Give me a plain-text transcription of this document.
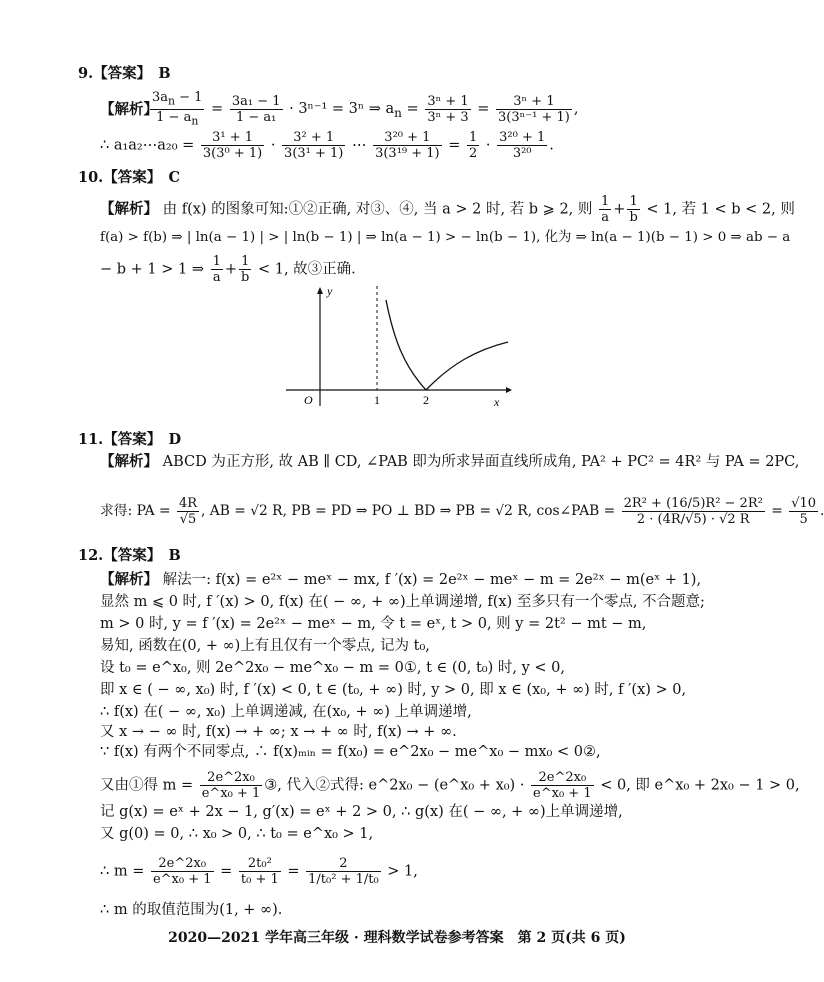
9.【答案】　B
【解析】
$\frac{3a_n - 1}{1 - a_n} = \frac{\text{3a₁ − 1}}{\text{1 − a₁}} \cdot 3^{n-1} = 3^n$ ⇒ $a_n = \frac{\text{3ⁿ + 1}}{\text{3ⁿ + 3}} = \frac{\text{3ⁿ + 1}}{\text{3(3ⁿ⁻¹ + 1)}}$ ,
∴ a₁a₂⋯a₂₀ = $\frac{\text{3¹ + 1}}{\text{3(3⁰ + 1)}} \cdot \frac{\text{3² + 1}}{\text{3(3¹ + 1)}}$ ⋯ $\frac{\text{3²⁰ + 1}}{\text{3(3¹⁹ + 1)}} = \frac{1}{2} \cdot \frac{\text{3²⁰ + 1}}{\text{3²⁰}}$ .
10.【答案】　C
【解析】 由 f(x) 的图象可知:①②正确, 对③、④, 当 a > 2 时, 若 b ⩾ 2, 则 $\frac{1}{a} + \frac{1}{b} < 1$, 若 1 < b < 2, 则
f(a) > f(b) ⇒ | ln(a − 1) | > | ln(b − 1) | ⇒ ln(a − 1) > − ln(b − 1), 化为 ⇒ ln(a − 1)(b − 1) > 0 ⇒ ab − a
− b + 1 > 1 ⇒ $\frac{1}{a} + \frac{1}{b} < 1$, 故③正确.
y
x
O	1	2
11.【答案】　D
【解析】 ABCD 为正方形, 故 AB ∥ CD, ∠PAB 即为所求异面直线所成角, PA² + PC² = 4R² 与 PA = 2PC,
求得: PA = $\frac{4R}{√5}$ , AB = √2 R, PB = PD ⇒ PO ⊥ BD ⇒ PB = √2 R, cos∠PAB = $\frac{\text{2R² + (16/5)R² − 2R²}}{2 \cdot (4R/√5) \cdot √2 R} = \frac{√10}{5}$ .
12.【答案】　B
【解析】 解法一: f(x) = e²ˣ − meˣ − mx, f ′(x) = 2e²ˣ − meˣ − m = 2e²ˣ − m(eˣ + 1),
显然 m ⩽ 0 时, f ′(x) > 0, f(x) 在( − ∞, + ∞)上单调递增, f(x) 至多只有一个零点, 不合题意;
m > 0 时, y = f ′(x) = 2e²ˣ − meˣ − m, 令 t = eˣ, t > 0, 则 y = 2t² − mt − m,
易知, 函数在(0, + ∞)上有且仅有一个零点, 记为 t₀,
设 t₀ = e^x₀, 则 2e^2x₀ − me^x₀ − m = 0①, t ∈ (0, t₀) 时, y < 0,
即 x ∈ ( − ∞, x₀) 时, f ′(x) < 0, t ∈ (t₀, + ∞) 时, y > 0, 即 x ∈ (x₀, + ∞) 时, f ′(x) > 0,
∴ f(x) 在( − ∞, x₀) 上单调递减, 在(x₀, + ∞) 上单调递增,
又 x → − ∞ 时, f(x) → + ∞; x → + ∞ 时, f(x) → + ∞.
∵ f(x) 有两个不同零点, ∴ f(x)ₘᵢₙ = f(x₀) = e^2x₀ − me^x₀ − mx₀ < 0②,
又由①得 $m = \frac{\text{2e\textasciicircum{}2x₀}}{\text{e\textasciicircum{}x₀ + 1}}$ ③, 代入②式得: e^2x₀ − (e^x₀ + $x_0) \cdot \frac{\text{2e\textasciicircum{}2x₀}}{\text{e\textasciicircum{}x₀ + 1}} < 0$, 即 e^x₀ + 2x₀ − 1 > 0,
记 g(x) = eˣ + 2x − 1, g′(x) = eˣ + 2 > 0, ∴ g(x) 在( − ∞, + ∞)上单调递增,
又 g(0) = 0, ∴ x₀ > 0, ∴ t₀ = e^x₀ > 1,
∴ $m = \frac{\text{2e\textasciicircum{}2x₀}}{\text{e\textasciicircum{}x₀ + 1}} = \frac{\text{2t₀²}}{\text{t₀ + 1}} = \frac{2}{\text{1/t₀² + 1/t₀}} > 1$,
∴ m 的取值范围为(1, + ∞).
2020—2021 学年高三年级 · 理科数学试卷参考答案　第 2 页(共 6 页)
